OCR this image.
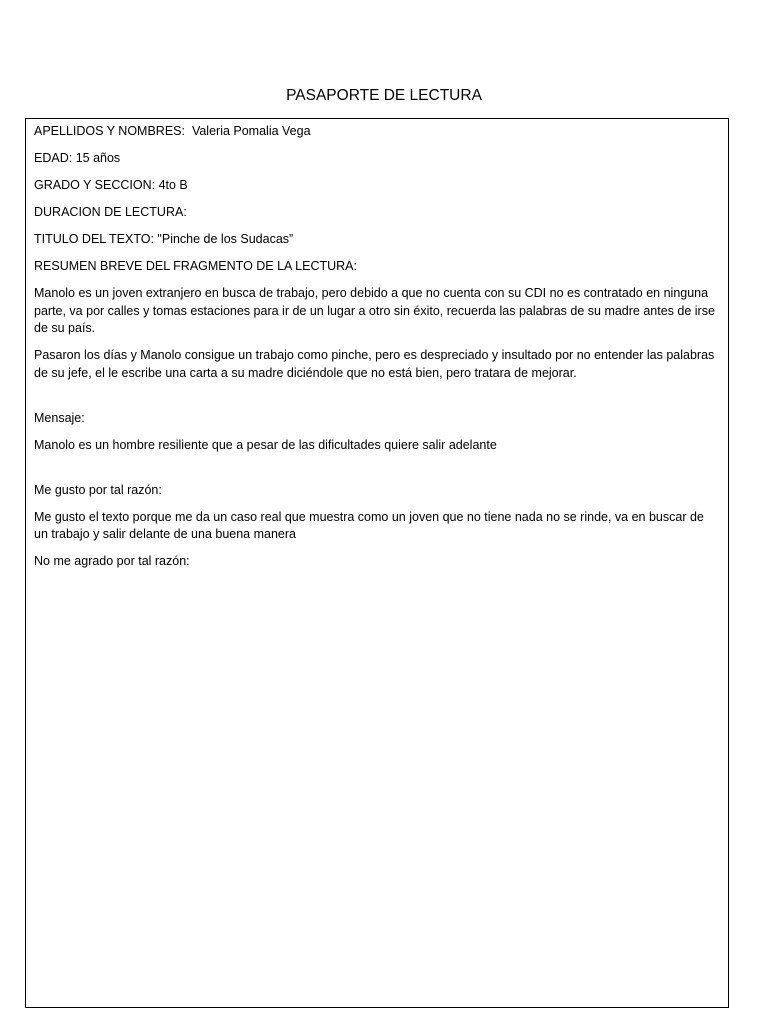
PASAPORTE DE LECTURA

APELLIDOS Y NOMBRES: Valeria Pomalia Vega

EDAD: 15 años

GRADO Y SECCION: 4to B

DURACION DE LECTURA:

TITULO DEL TEXTO: "Pinche de los Sudacas”

RESUMEN BREVE DEL FRAGMENTO DE LA LECTURA:

Manolo es un joven extranjero en busca de trabajo, pero debido a que no cuenta con su CDI no es contratado en ninguna parte, va por calles y tomas estaciones para ir de un lugar a otro sin éxito, recuerda las palabras de su madre antes de irse de su país.

Pasaron los días y Manolo consigue un trabajo como pinche, pero es despreciado y insultado por no entender las palabras de su jefe, el le escribe una carta a su madre diciéndole que no está bien, pero tratara de mejorar.

Mensaje:

Manolo es un hombre resiliente que a pesar de las dificultades quiere salir adelante

Me gusto por tal razón:

Me gusto el texto porque me da un caso real que muestra como un joven que no tiene nada no se rinde, va en buscar de un trabajo y salir delante de una buena manera

No me agrado por tal razón:
